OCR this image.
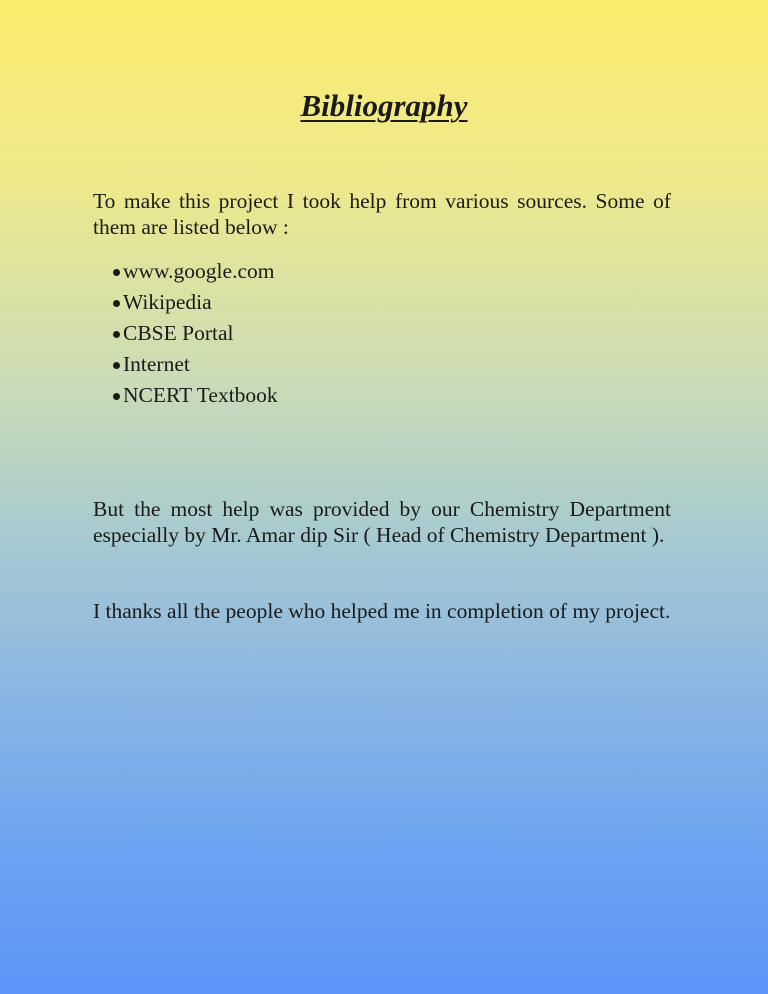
Bibliography

To make this project I took help from various sources. Some of them are listed below :

www.google.com
Wikipedia
CBSE Portal
Internet
NCERT Textbook

But the most help was provided by our Chemistry Department especially by Mr. Amar dip Sir ( Head of Chemistry Department ).

I thanks all the people who helped me in completion of my project.
